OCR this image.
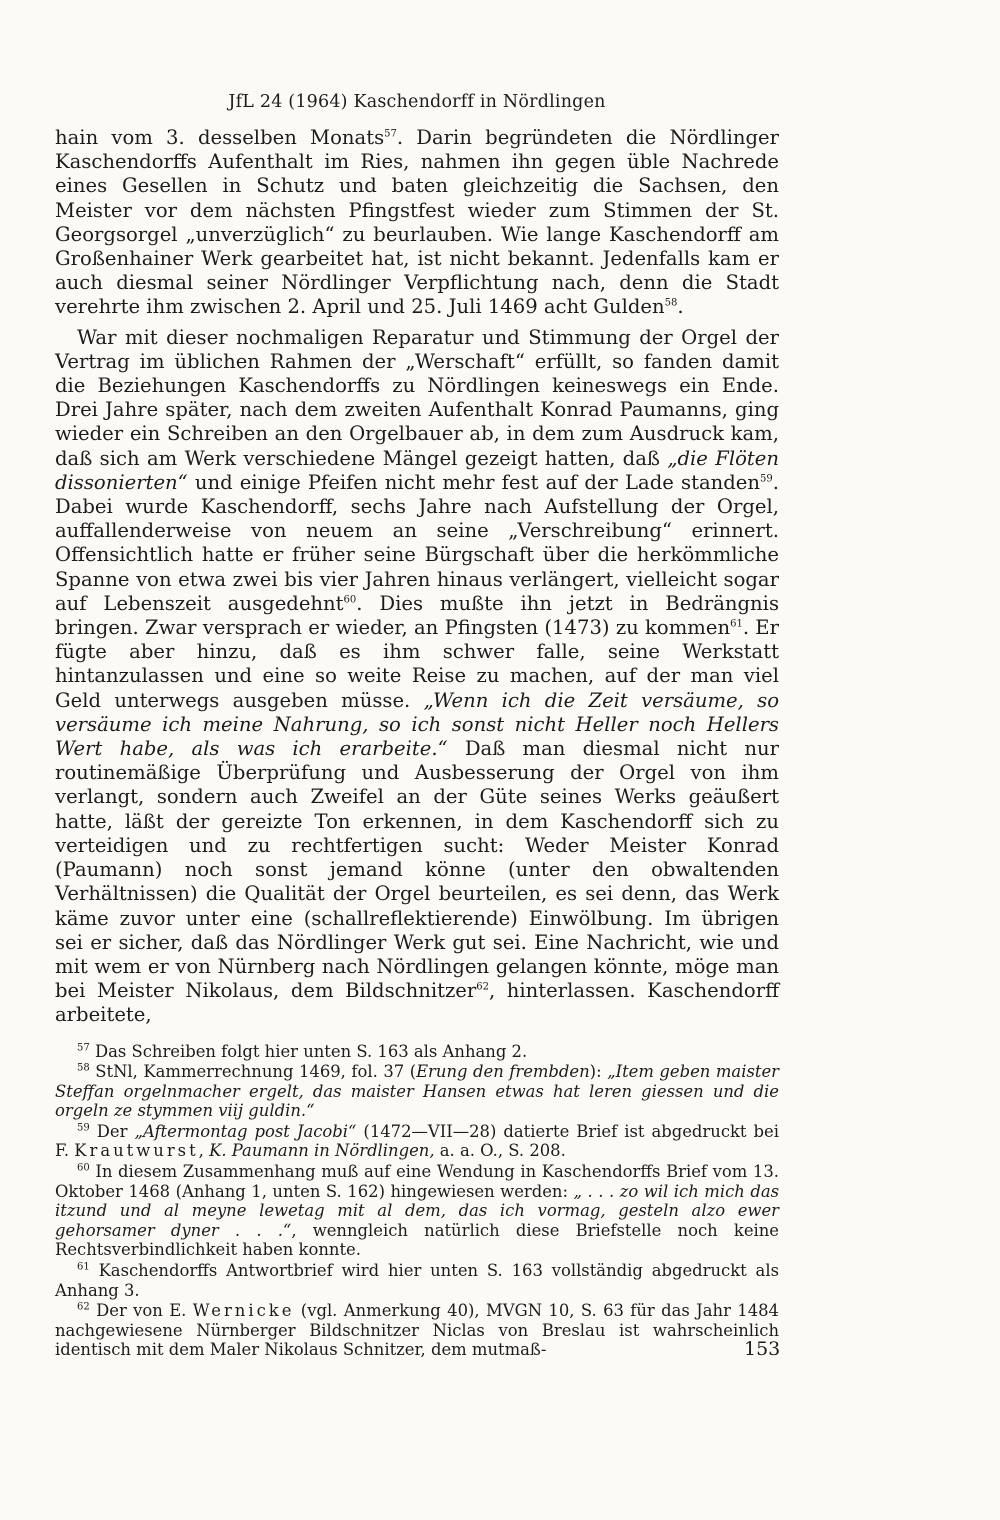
JfL 24 (1964) Kaschendorff in Nördlingen

hain vom 3. desselben Monats$^{57}$. Darin begründeten die Nördlinger Kaschendorffs Aufenthalt im Ries, nahmen ihn gegen üble Nachrede eines Gesellen in Schutz und baten gleichzeitig die Sachsen, den Meister vor dem nächsten Pfingstfest wieder zum Stimmen der St. Georgsorgel „unverzüglich“ zu beurlauben. Wie lange Kaschendorff am Großenhainer Werk gearbeitet hat, ist nicht bekannt. Jedenfalls kam er auch diesmal seiner Nördlinger Verpflichtung nach, denn die Stadt verehrte ihm zwischen 2. April und 25. Juli 1469 acht Gulden$^{58}$.

War mit dieser nochmaligen Reparatur und Stimmung der Orgel der Vertrag im üblichen Rahmen der „Werschaft“ erfüllt, so fanden damit die Beziehungen Kaschendorffs zu Nördlingen keineswegs ein Ende. Drei Jahre später, nach dem zweiten Aufenthalt Konrad Paumanns, ging wieder ein Schreiben an den Orgelbauer ab, in dem zum Ausdruck kam, daß sich am Werk verschiedene Mängel gezeigt hatten, daß „die Flöten dissonierten“ und einige Pfeifen nicht mehr fest auf der Lade standen$^{59}$. Dabei wurde Kaschendorff, sechs Jahre nach Aufstellung der Orgel, auffallenderweise von neuem an seine „Verschreibung“ erinnert. Offensichtlich hatte er früher seine Bürgschaft über die herkömmliche Spanne von etwa zwei bis vier Jahren hinaus verlängert, vielleicht sogar auf Lebenszeit ausgedehnt$^{60}$. Dies mußte ihn jetzt in Bedrängnis bringen. Zwar versprach er wieder, an Pfingsten (1473) zu kommen$^{61}$. Er fügte aber hinzu, daß es ihm schwer falle, seine Werkstatt hintanzulassen und eine so weite Reise zu machen, auf der man viel Geld unterwegs ausgeben müsse. „Wenn ich die Zeit versäume, so versäume ich meine Nahrung, so ich sonst nicht Heller noch Hellers Wert habe, als was ich erarbeite.“ Daß man diesmal nicht nur routinemäßige Überprüfung und Ausbesserung der Orgel von ihm verlangt, sondern auch Zweifel an der Güte seines Werks geäußert hatte, läßt der gereizte Ton erkennen, in dem Kaschendorff sich zu verteidigen und zu rechtfertigen sucht: Weder Meister Konrad (Paumann) noch sonst jemand könne (unter den obwaltenden Verhältnissen) die Qualität der Orgel beurteilen, es sei denn, das Werk käme zuvor unter eine (schallreflektierende) Einwölbung. Im übrigen sei er sicher, daß das Nördlinger Werk gut sei. Eine Nachricht, wie und mit wem er von Nürnberg nach Nördlingen gelangen könnte, möge man bei Meister Nikolaus, dem Bildschnitzer$^{62}$, hinterlassen. Kaschendorff arbeitete,

$^{57}$ Das Schreiben folgt hier unten S. 163 als Anhang 2.

$^{58}$ StNl, Kammerrechnung 1469, fol. 37 (Erung den frembden): „Item geben maister Steffan orgelnmacher ergelt, das maister Hansen etwas hat leren giessen und die orgeln ze stymmen viij guldin.“

$^{59}$ Der „Aftermontag post Jacobi“ (1472—VII—28) datierte Brief ist abgedruckt bei F. Krautwurst, K. Paumann in Nördlingen, a. a. O., S. 208.

$^{60}$ In diesem Zusammenhang muß auf eine Wendung in Kaschendorffs Brief vom 13. Oktober 1468 (Anhang 1, unten S. 162) hingewiesen werden: „ . . . zo wil ich mich das itzund und al meyne lewetag mit al dem, das ich vormag, gesteln alzo ewer gehorsamer dyner . . .“, wenngleich natürlich diese Briefstelle noch keine Rechtsverbindlichkeit haben konnte.

$^{61}$ Kaschendorffs Antwortbrief wird hier unten S. 163 vollständig abgedruckt als Anhang 3.

$^{62}$ Der von E. Wernicke (vgl. Anmerkung 40), MVGN 10, S. 63 für das Jahr 1484 nachgewiesene Nürnberger Bildschnitzer Niclas von Breslau ist wahrscheinlich identisch mit dem Maler Nikolaus Schnitzer, dem mutmaß-	153
